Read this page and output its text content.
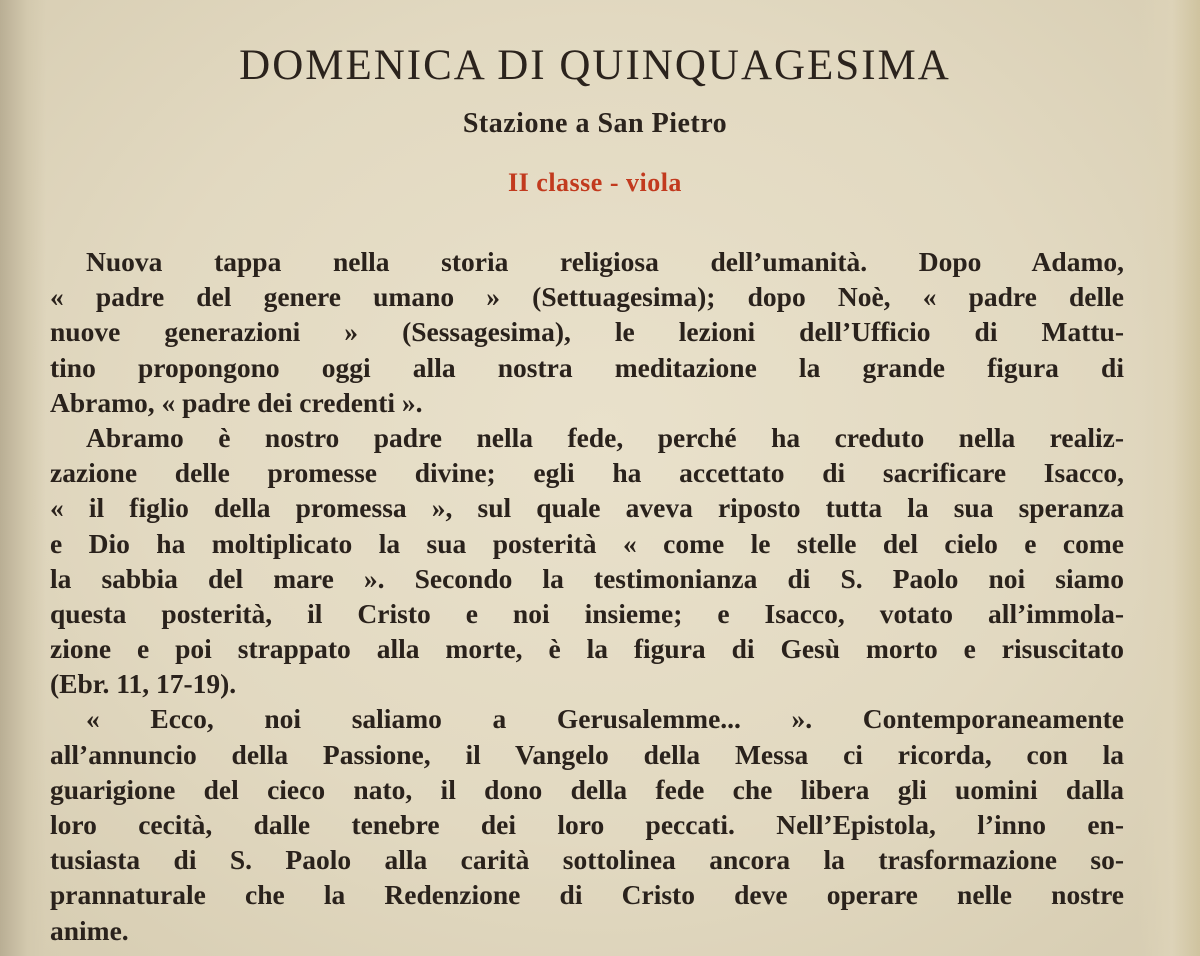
DOMENICA DI QUINQUAGESIMA
Stazione a San Pietro
II classe - viola
Nuova tappa nella storia religiosa dell’umanità. Dopo Adamo,
« padre del genere umano » (Settuagesima); dopo Noè, « padre delle
nuove generazioni » (Sessagesima), le lezioni dell’Ufficio di Mattu-
tino propongono oggi alla nostra meditazione la grande figura di
Abramo, « padre dei credenti ».
Abramo è nostro padre nella fede, perché ha creduto nella realiz-
zazione delle promesse divine; egli ha accettato di sacrificare Isacco,
« il figlio della promessa », sul quale aveva riposto tutta la sua speranza
e Dio ha moltiplicato la sua posterità « come le stelle del cielo e come
la sabbia del mare ». Secondo la testimonianza di S. Paolo noi siamo
questa posterità, il Cristo e noi insieme; e Isacco, votato all’immola-
zione e poi strappato alla morte, è la figura di Gesù morto e risuscitato
(Ebr. 11, 17-19).
« Ecco, noi saliamo a Gerusalemme... ». Contemporaneamente
all’annuncio della Passione, il Vangelo della Messa ci ricorda, con la
guarigione del cieco nato, il dono della fede che libera gli uomini dalla
loro cecità, dalle tenebre dei loro peccati. Nell’Epistola, l’inno en-
tusiasta di S. Paolo alla carità sottolinea ancora la trasformazione so-
prannaturale che la Redenzione di Cristo deve operare nelle nostre
anime.
